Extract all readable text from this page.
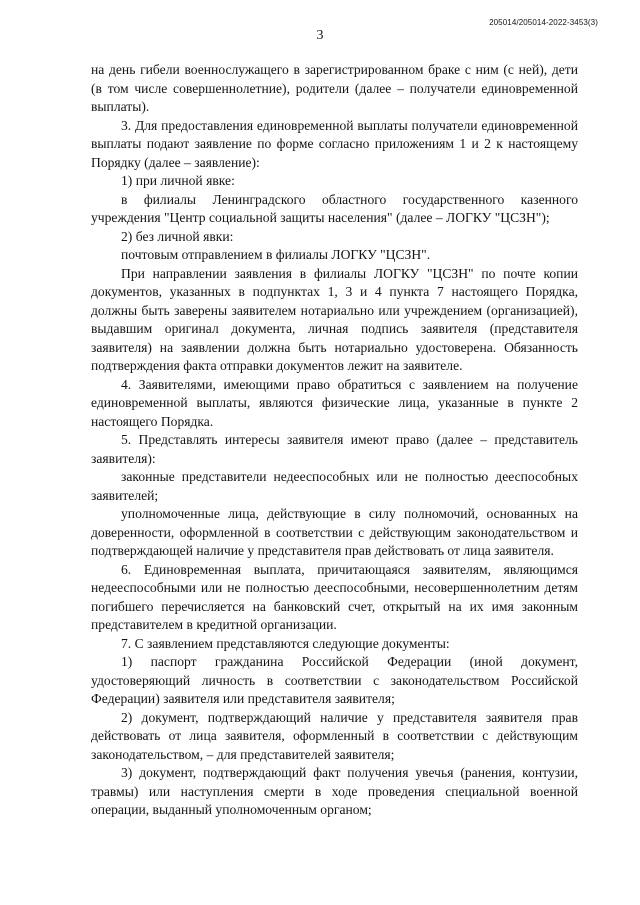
3
205014/205014-2022-3453(3)

на день гибели военнослужащего в зарегистрированном браке с ним (с ней), дети (в том числе совершеннолетние), родители (далее – получатели единовременной выплаты).

3. Для предоставления единовременной выплаты получатели единовременной выплаты подают заявление по форме согласно приложениям 1 и 2 к настоящему Порядку (далее – заявление):

1) при личной явке:

в филиалы Ленинградского областного государственного казенного учреждения "Центр социальной защиты населения" (далее – ЛОГКУ "ЦСЗН");

2) без личной явки:

почтовым отправлением в филиалы ЛОГКУ "ЦСЗН".

При направлении заявления в филиалы ЛОГКУ "ЦСЗН" по почте копии документов, указанных в подпунктах 1, 3 и 4 пункта 7 настоящего Порядка, должны быть заверены заявителем нотариально или учреждением (организацией), выдавшим оригинал документа, личная подпись заявителя (представителя заявителя) на заявлении должна быть нотариально удостоверена. Обязанность подтверждения факта отправки документов лежит на заявителе.

4. Заявителями, имеющими право обратиться с заявлением на получение единовременной выплаты, являются физические лица, указанные в пункте 2 настоящего Порядка.

5. Представлять интересы заявителя имеют право (далее – представитель заявителя):

законные представители недееспособных или не полностью дееспособных заявителей;

уполномоченные лица, действующие в силу полномочий, основанных на доверенности, оформленной в соответствии с действующим законодательством и подтверждающей наличие у представителя прав действовать от лица заявителя.

6. Единовременная выплата, причитающаяся заявителям, являющимся недееспособными или не полностью дееспособными, несовершеннолетним детям погибшего перечисляется на банковский счет, открытый на их имя законным представителем в кредитной организации.

7. С заявлением представляются следующие документы:

1) паспорт гражданина Российской Федерации (иной документ, удостоверяющий личность в соответствии с законодательством Российской Федерации) заявителя или представителя заявителя;

2) документ, подтверждающий наличие у представителя заявителя прав действовать от лица заявителя, оформленный в соответствии с действующим законодательством, – для представителей заявителя;

3) документ, подтверждающий факт получения увечья (ранения, контузии, травмы) или наступления смерти в ходе проведения специальной военной операции, выданный уполномоченным органом;
